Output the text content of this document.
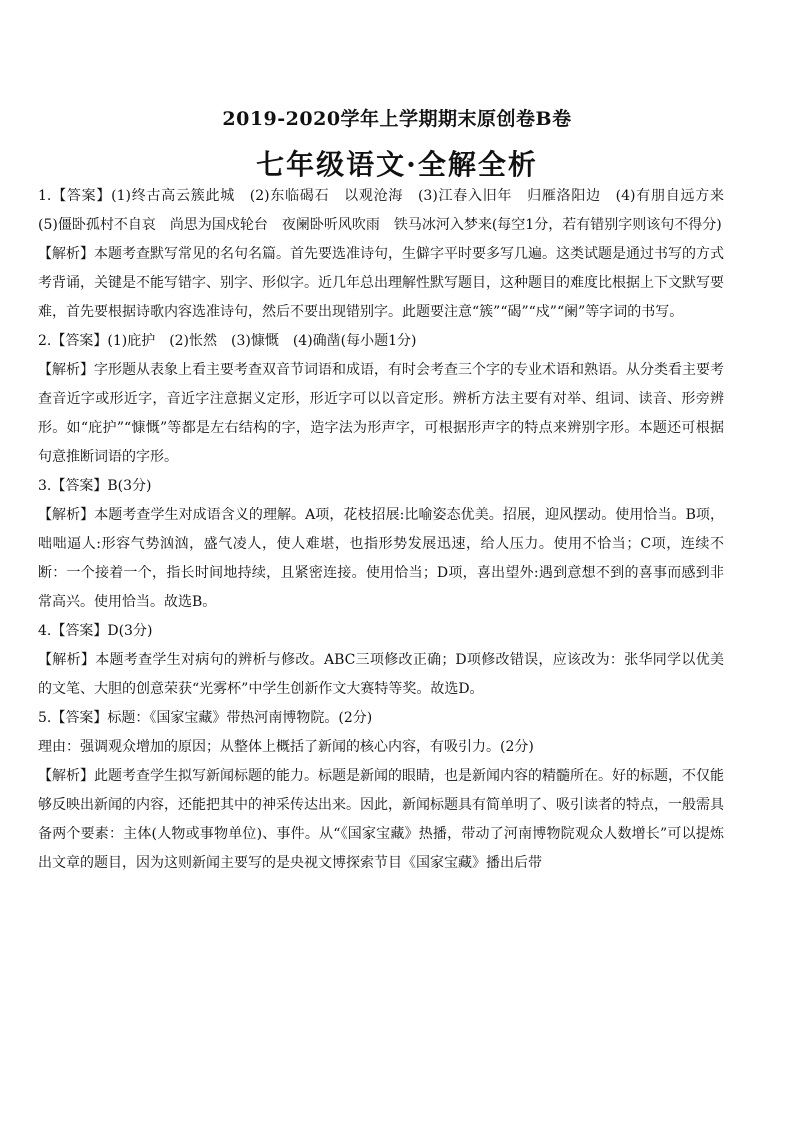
2019-2020学年上学期期末原创卷B卷
七年级语文·全解全析

1.【答案】(1)终古高云簇此城　(2)东临碣石　以观沧海　(3)江春入旧年　归雁洛阳边　(4)有朋自远方来　(5)僵卧孤村不自哀　尚思为国戍轮台　夜阑卧听风吹雨　铁马冰河入梦来(每空1分，若有错别字则该句不得分)

【解析】本题考查默写常见的名句名篇。首先要选准诗句，生僻字平时要多写几遍。这类试题是通过书写的方式考背诵，关键是不能写错字、别字、形似字。近几年总出理解性默写题目，这种题目的难度比根据上下文默写要难，首先要根据诗歌内容选准诗句，然后不要出现错别字。此题要注意“簇”“碣”“戍”“阑”等字词的书写。

2.【答案】(1)庇护　(2)怅然　(3)慷慨　(4)确凿(每小题1分)

【解析】字形题从表象上看主要考查双音节词语和成语，有时会考查三个字的专业术语和熟语。从分类看主要考查音近字或形近字，音近字注意据义定形，形近字可以以音定形。辨析方法主要有对举、组词、读音、形旁辨形。如“庇护”“慷慨”等都是左右结构的字，造字法为形声字，可根据形声字的特点来辨别字形。本题还可根据句意推断词语的字形。

3.【答案】B(3分)

【解析】本题考查学生对成语含义的理解。A项，花枝招展:比喻姿态优美。招展，迎风摆动。使用恰当。B项，咄咄逼人:形容气势汹汹，盛气凌人，使人难堪，也指形势发展迅速，给人压力。使用不恰当；C项，连续不断：一个接着一个，指长时间地持续，且紧密连接。使用恰当；D项，喜出望外:遇到意想不到的喜事而感到非常高兴。使用恰当。故选B。

4.【答案】D(3分)

【解析】本题考查学生对病句的辨析与修改。ABC三项修改正确；D项修改错误，应该改为：张华同学以优美的文笔、大胆的创意荣获“光雾杯”中学生创新作文大赛特等奖。故选D。

5.【答案】标题：《国家宝藏》带热河南博物院。(2分)

理由：强调观众增加的原因；从整体上概括了新闻的核心内容，有吸引力。(2分)

【解析】此题考查学生拟写新闻标题的能力。标题是新闻的眼睛，也是新闻内容的精髓所在。好的标题，不仅能够反映出新闻的内容，还能把其中的神采传达出来。因此，新闻标题具有简单明了、吸引读者的特点，一般需具备两个要素：主体(人物或事物单位)、事件。从“《国家宝藏》热播，带动了河南博物院观众人数增长”可以提炼出文章的题目，因为这则新闻主要写的是央视文博探索节目《国家宝藏》播出后带
